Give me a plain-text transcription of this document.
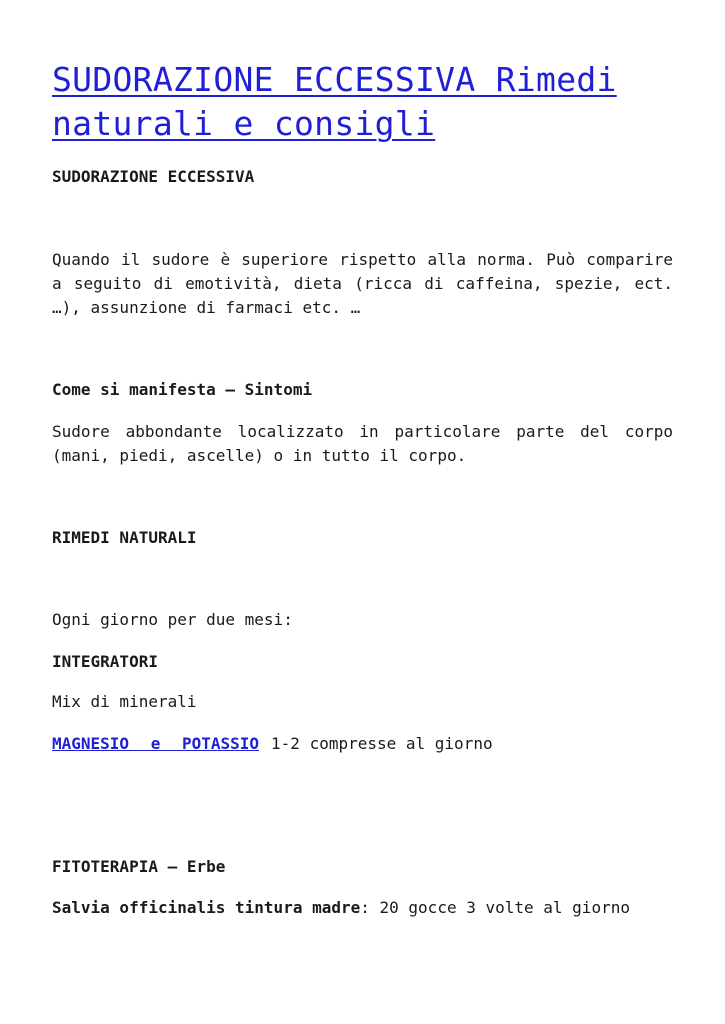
SUDORAZIONE ECCESSIVA Rimedi naturali e consigli

SUDORAZIONE ECCESSIVA

Quando il sudore è superiore rispetto alla norma. Può comparire a seguito di emotività, dieta (ricca di caffeina, spezie, ect. …), assunzione di farmaci etc. …

Come si manifesta – Sintomi

Sudore abbondante localizzato in particolare parte del corpo (mani, piedi, ascelle) o in tutto il corpo.

RIMEDI NATURALI

Ogni giorno per due mesi:

INTEGRATORI

Mix di minerali

MAGNESIO e POTASSIO 1-2 compresse al giorno

FITOTERAPIA – Erbe

Salvia officinalis tintura madre: 20 gocce 3 volte al giorno
